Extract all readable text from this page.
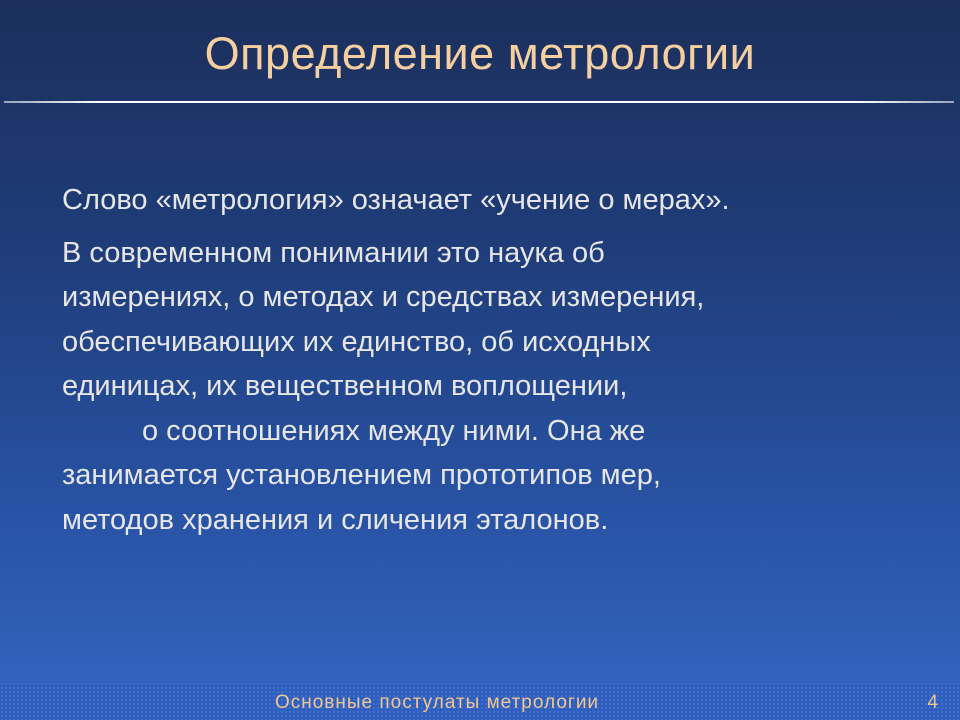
Определение метрологии

Слово «метрология» означает «учение о мерах».

В современном понимании это наука об

измерениях, о методах и средствах измерения,

обеспечивающих их единство, об исходных

единицах, их вещественном воплощении,

о соотношениях между ними. Она же

занимается установлением прототипов мер,

методов хранения и сличения эталонов.

Основные постулаты метрологии	4
